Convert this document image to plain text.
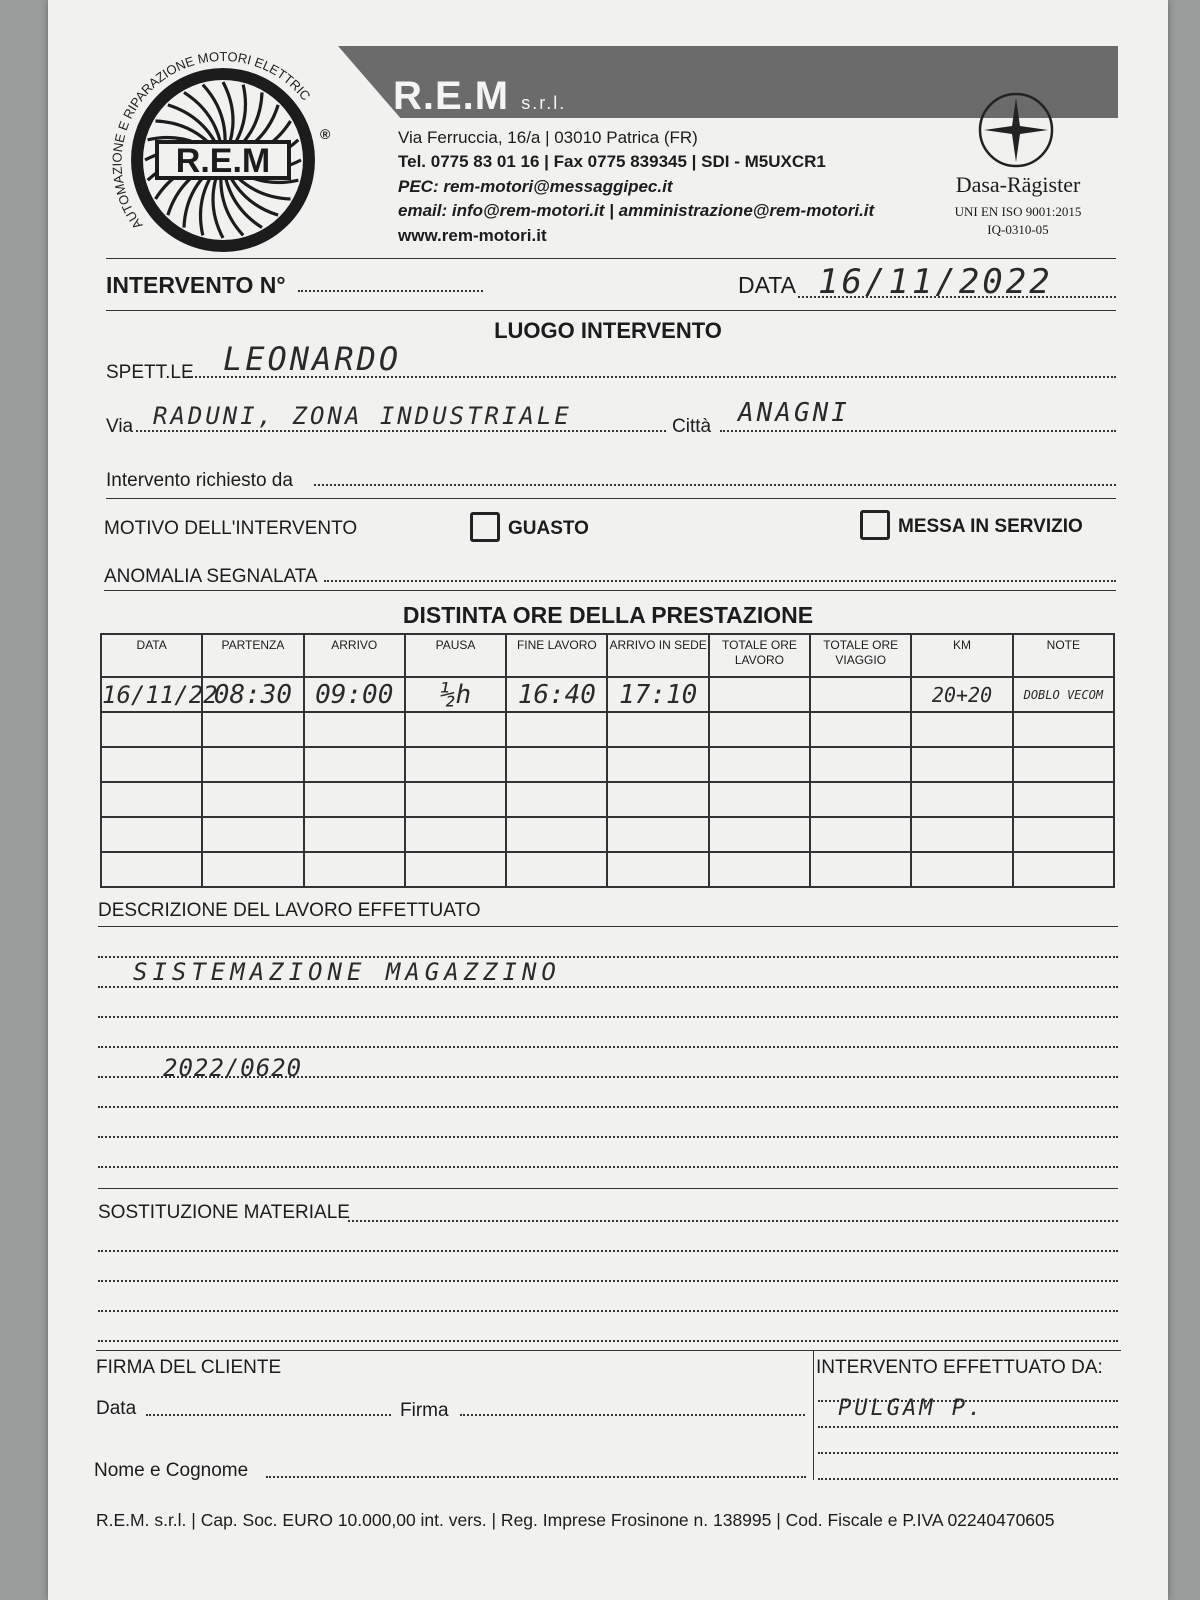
AUTOMAZIONE E RIPARAZIONE MOTORI ELETTRIC
R.E.M
®
R.E.M s.r.l.
Via Ferruccia, 16/a | 03010 Patrica (FR)
Tel. 0775 83 01 16 | Fax 0775 839345 | SDI - M5UXCR1
PEC: rem-motori@messaggipec.it
email: info@rem-motori.it | amministrazione@rem-motori.it
www.rem-motori.it
Dasa-Rägister
UNI EN ISO 9001:2015
IQ-0310-05
INTERVENTO N°	DATA 16/11/2022
LUOGO INTERVENTO
SPETT.LE LEONARDO
Via RADUNI, ZONA INDUSTRIALE	Città ANAGNI
Intervento richiesto da
MOTIVO DELL'INTERVENTO	GUASTO	MESSA IN SERVIZIO
ANOMALIA SEGNALATA
DISTINTA ORE DELLA PRESTAZIONE
DATA	PARTENZA	ARRIVO	PAUSA	FINE LAVORO	ARRIVO IN SEDE	TOTALE ORE LAVORO	TOTALE ORE VIAGGIO	KM	NOTE
16/11/22	08:30	09:00	½h	16:40	17:10			20+20	DOBLO VECOM

DESCRIZIONE DEL LAVORO EFFETTUATO
SISTEMAZIONE MAGAZZINO
2022/0620
SOSTITUZIONE MATERIALE
FIRMA DEL CLIENTE
Data	Firma
Nome e Cognome
INTERVENTO EFFETTUATO DA:
PULGAM P.
R.E.M. s.r.l. | Cap. Soc. EURO 10.000,00 int. vers. | Reg. Imprese Frosinone n. 138995 | Cod. Fiscale e P.IVA 02240470605
